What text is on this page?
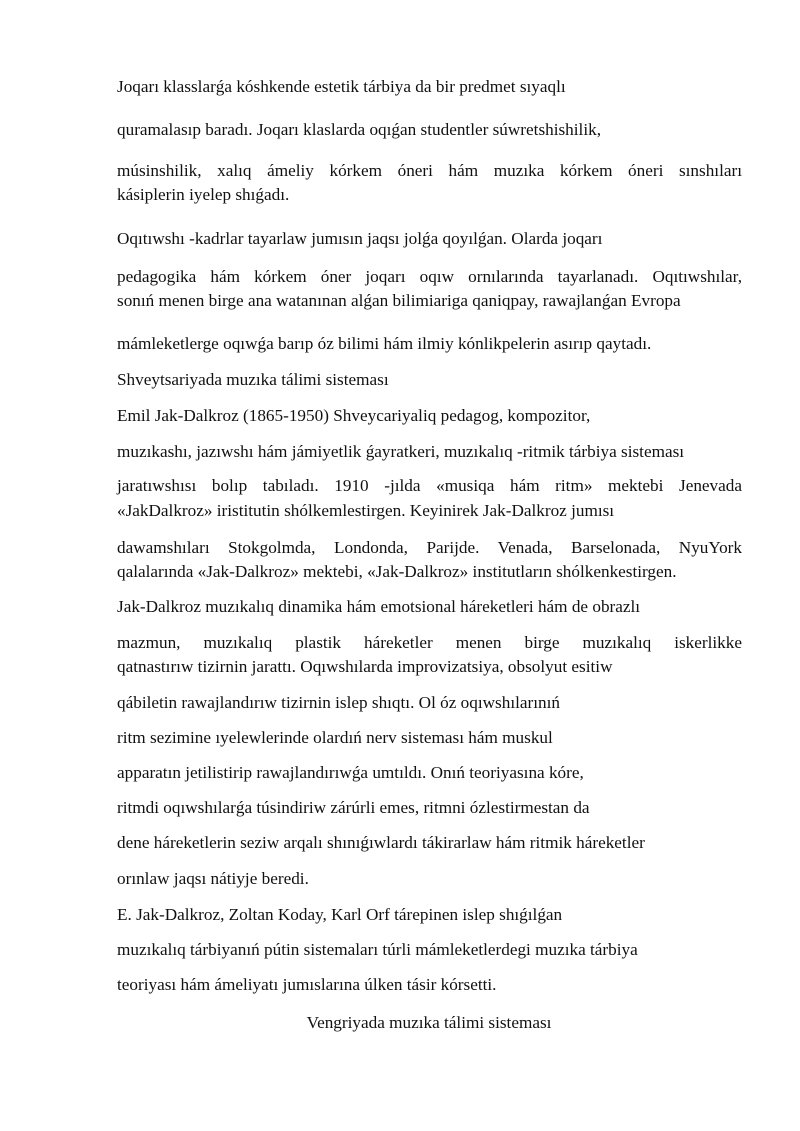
Joqarı klasslarǵa kóshkende estetik tárbiya da bir predmet sıyaqlı
quramalasıp baradı. Joqarı klaslarda oqıǵan studentler súwretshishilik,
músinshilik, xalıq ámeliy kórkem óneri hám muzıka kórkem óneri sınshıları
kásiplerin iyelep shıǵadı.
Oqıtıwshı -kadrlar tayarlaw jumısın jaqsı jolǵa qoyılǵan. Olarda joqarı
pedagogika hám kórkem óner joqarı oqıw ornılarında tayarlanadı. Oqıtıwshılar,
sonıń menen birge ana watanınan alǵan bilimiariga qaniqpay, rawajlanǵan Evropa
mámleketlerge oqıwǵa barıp óz bilimi hám ilmiy kónlikpelerin asırıp qaytadı.
Shveytsariyada muzıka tálimi sisteması
Emil Jak-Dalkroz (1865-1950) Shveycariyaliq pedagog, kompozitor,
muzıkashı, jazıwshı hám jámiyetlik ǵayratkeri, muzıkalıq -ritmik tárbiya sisteması
jaratıwshısı bolıp tabıladı. 1910 -jılda «musiqa hám ritm» mektebi Jenevada
«JakDalkroz» iristitutin shólkemlestirgen. Keyinirek Jak-Dalkroz jumısı
dawamshıları Stokgolmda, Londonda, Parijde. Venada, Barselonada, NyuYork
qalalarında «Jak-Dalkroz» mektebi, «Jak-Dalkroz» institutların shólkenkestirgen.
Jak-Dalkroz muzıkalıq dinamika hám emotsional háreketleri hám de obrazlı
mazmun, muzıkalıq plastik háreketler menen birge muzıkalıq iskerlikke
qatnastırıw tizirnin jarattı. Oqıwshılarda improvizatsiya, obsolyut esitiw
qábiletin rawajlandırıw tizirnin islep shıqtı. Ol óz oqıwshılarınıń
ritm sezimine ıyelewlerinde olardıń nerv sisteması hám muskul
apparatın jetilistirip rawajlandırıwǵa umtıldı. Onıń teoriyasına kóre,
ritmdi oqıwshılarǵa túsindiriw zárúrli emes, ritmni ózlestirmestan da
dene háreketlerin seziw arqalı shınıǵıwlardı tákirarlaw hám ritmik háreketler
orınlaw jaqsı nátiyje beredi.
E. Jak-Dalkroz, Zoltan Koday, Karl Orf tárepinen islep shıǵılǵan
muzıkalıq tárbiyanıń pútin sistemaları túrli mámleketlerdegi muzıka tárbiya
teoriyası hám ámeliyatı jumıslarına úlken tásir kórsetti.
Vengriyada muzıka tálimi sisteması
